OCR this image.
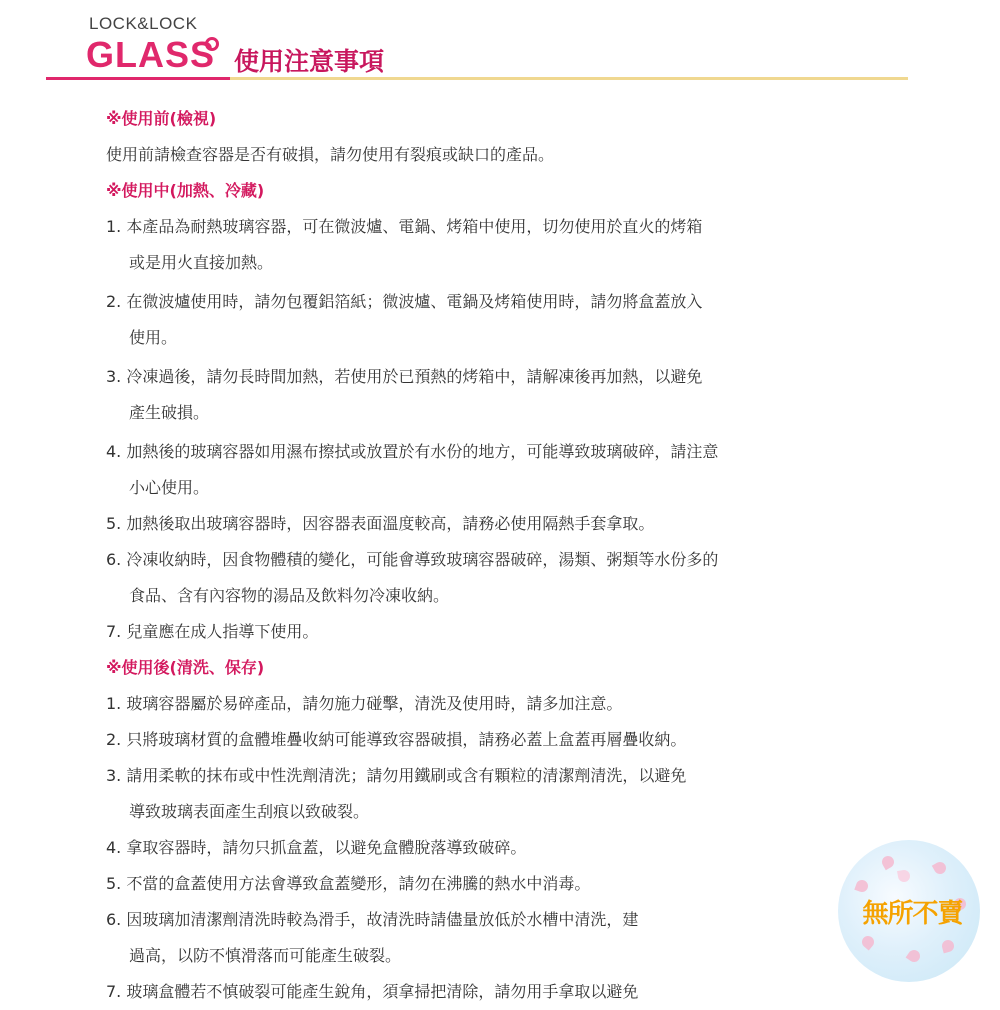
LOCK&LOCK
GLASS 使用注意事項
※使用前(檢視)
使用前請檢查容器是否有破損，請勿使用有裂痕或缺口的產品。
※使用中(加熱、冷藏)
1. 本產品為耐熱玻璃容器，可在微波爐、電鍋、烤箱中使用，切勿使用於直火的烤箱
或是用火直接加熱。
2. 在微波爐使用時，請勿包覆鋁箔紙；微波爐、電鍋及烤箱使用時，請勿將盒蓋放入
使用。
3. 冷凍過後，請勿長時間加熱，若使用於已預熱的烤箱中，請解凍後再加熱，以避免
產生破損。
4. 加熱後的玻璃容器如用濕布擦拭或放置於有水份的地方，可能導致玻璃破碎，請注意
小心使用。
5. 加熱後取出玻璃容器時，因容器表面溫度較高，請務必使用隔熱手套拿取。
6. 冷凍收納時，因食物體積的變化，可能會導致玻璃容器破碎，湯類、粥類等水份多的
食品、含有內容物的湯品及飲料勿冷凍收納。
7. 兒童應在成人指導下使用。
※使用後(清洗、保存)
1. 玻璃容器屬於易碎產品，請勿施力碰擊，清洗及使用時，請多加注意。
2. 只將玻璃材質的盒體堆疊收納可能導致容器破損，請務必蓋上盒蓋再層疊收納。
3. 請用柔軟的抹布或中性洗劑清洗；請勿用鐵刷或含有顆粒的清潔劑清洗，以避免
導致玻璃表面產生刮痕以致破裂。
4. 拿取容器時，請勿只抓盒蓋，以避免盒體脫落導致破碎。
5. 不當的盒蓋使用方法會導致盒蓋變形，請勿在沸騰的熱水中消毒。
6. 因玻璃加清潔劑清洗時較為滑手，故清洗時請儘量放低於水槽中清洗，建
過高，以防不慎滑落而可能產生破裂。
7. 玻璃盒體若不慎破裂可能產生銳角，須拿掃把清除，請勿用手拿取以避免
無所不賣
